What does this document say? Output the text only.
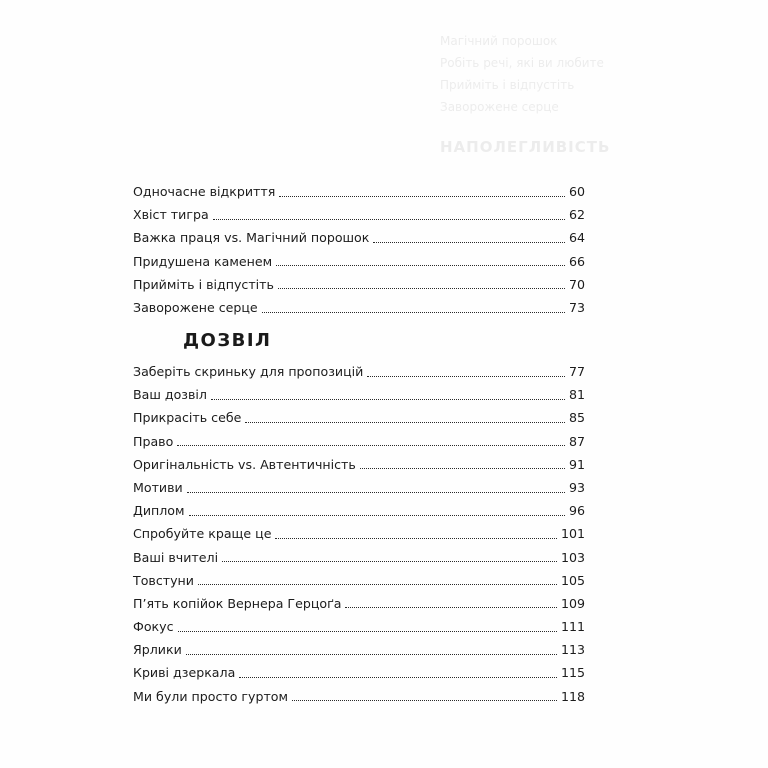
Магічний порошок
Робіть речі, які ви любите
Прийміть і відпустіть
Заворожене серце
НАПОЛЕГЛИВІСТЬ
Одночасне відкриття	60
Хвіст тигра	62
Важка праця vs. Магічний порошок	64
Придушена каменем	66
Прийміть і відпустіть	70
Заворожене серце	73
ДОЗВІЛ
Заберіть скриньку для пропозицій	77
Ваш дозвіл	81
Прикрасіть себе	85
Право	87
Оригінальність vs. Автентичність	91
Мотиви	93
Диплом	96
Спробуйте краще це	101
Ваші вчителі	103
Товстуни	105
П’ять копійок Вернера Герцоґа	109
Фокус	111
Ярлики	113
Криві дзеркала	115
Ми були просто гуртом	118
